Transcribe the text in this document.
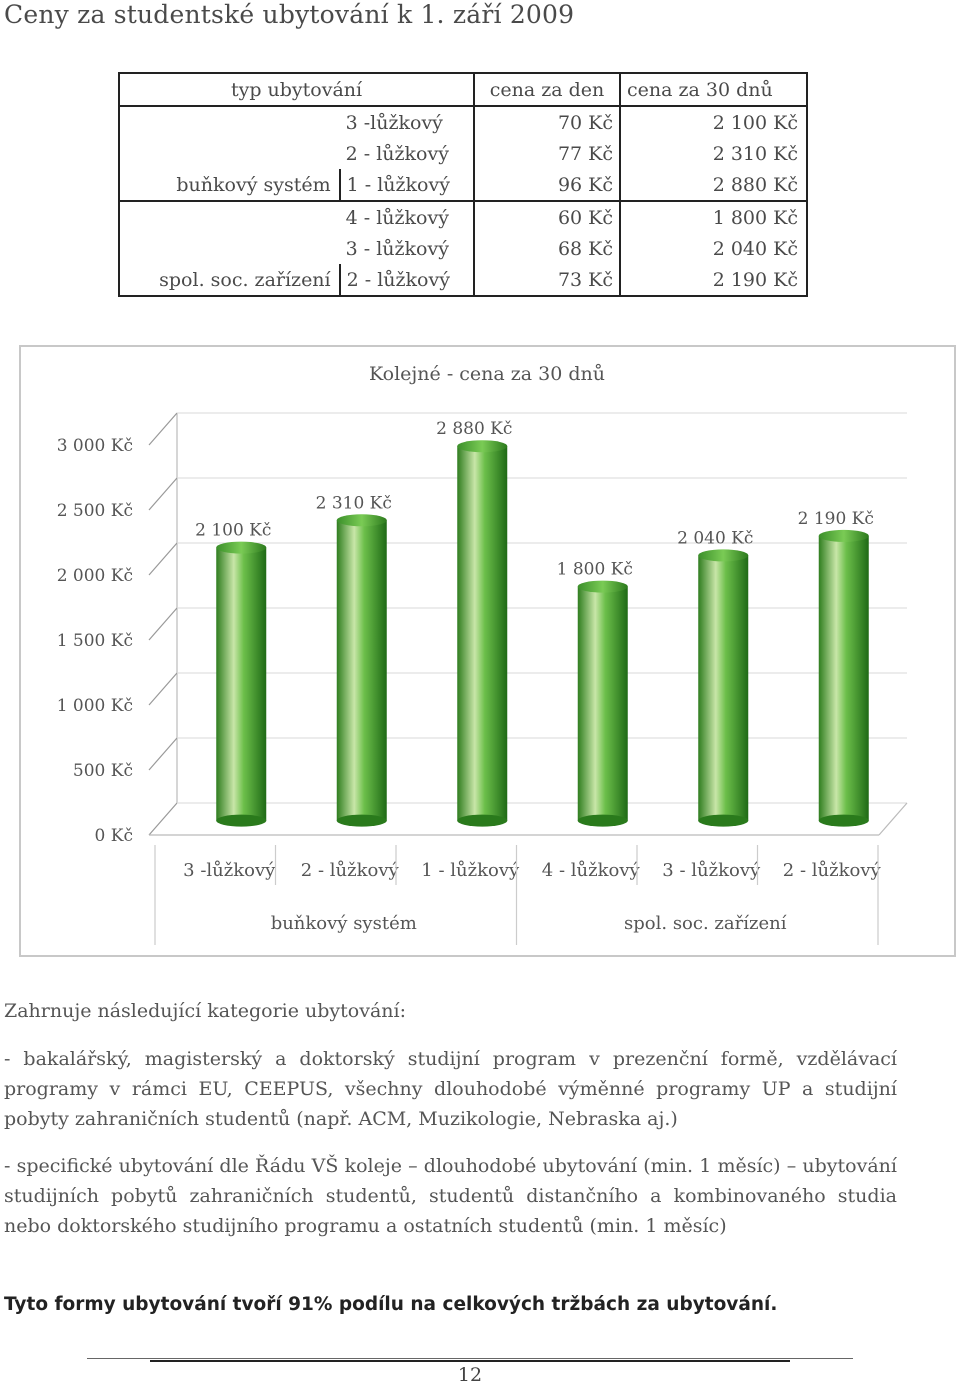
Ceny za studentské ubytování k 1. září 2009
typ ubytování		cena za den	cena za 30 dnů
	3 -lůžkový	70 Kč	2 100 Kč
	2 - lůžkový	77 Kč	2 310 Kč
buňkový systém	1 - lůžkový	96 Kč	2 880 Kč
	4 - lůžkový	60 Kč	1 800 Kč
	3 - lůžkový	68 Kč	2 040 Kč
spol. soc. zařízení	2 - lůžkový	73 Kč	2 190 Kč
Kolejné - cena za 30 dnů
0 Kč
500 Kč
1 000 Kč
1 500 Kč
2 000 Kč
2 500 Kč
3 000 Kč
2 100 Kč
2 310 Kč
2 880 Kč
1 800 Kč
2 040 Kč
2 190 Kč
3 -lůžkový 2 - lůžkový 1 - lůžkový 4 - lůžkový 3 - lůžkový 2 - lůžkový
buňkový systém	spol. soc. zařízení
Zahrnuje následující kategorie ubytování:
- bakalářský, magisterský a doktorský studijní program v prezenční formě, vzdělávací programy v rámci EU, CEEPUS, všechny dlouhodobé výměnné programy UP a studijní pobyty zahraničních studentů (např. ACM, Muzikologie, Nebraska aj.)
- specifické ubytování dle Řádu VŠ koleje – dlouhodobé ubytování (min. 1 měsíc) – ubytování studijních pobytů zahraničních studentů, studentů distančního a kombinovaného studia nebo doktorského studijního programu a ostatních studentů (min. 1 měsíc)
Tyto formy ubytování tvoří 91% podílu na celkových tržbách za ubytování.
12
